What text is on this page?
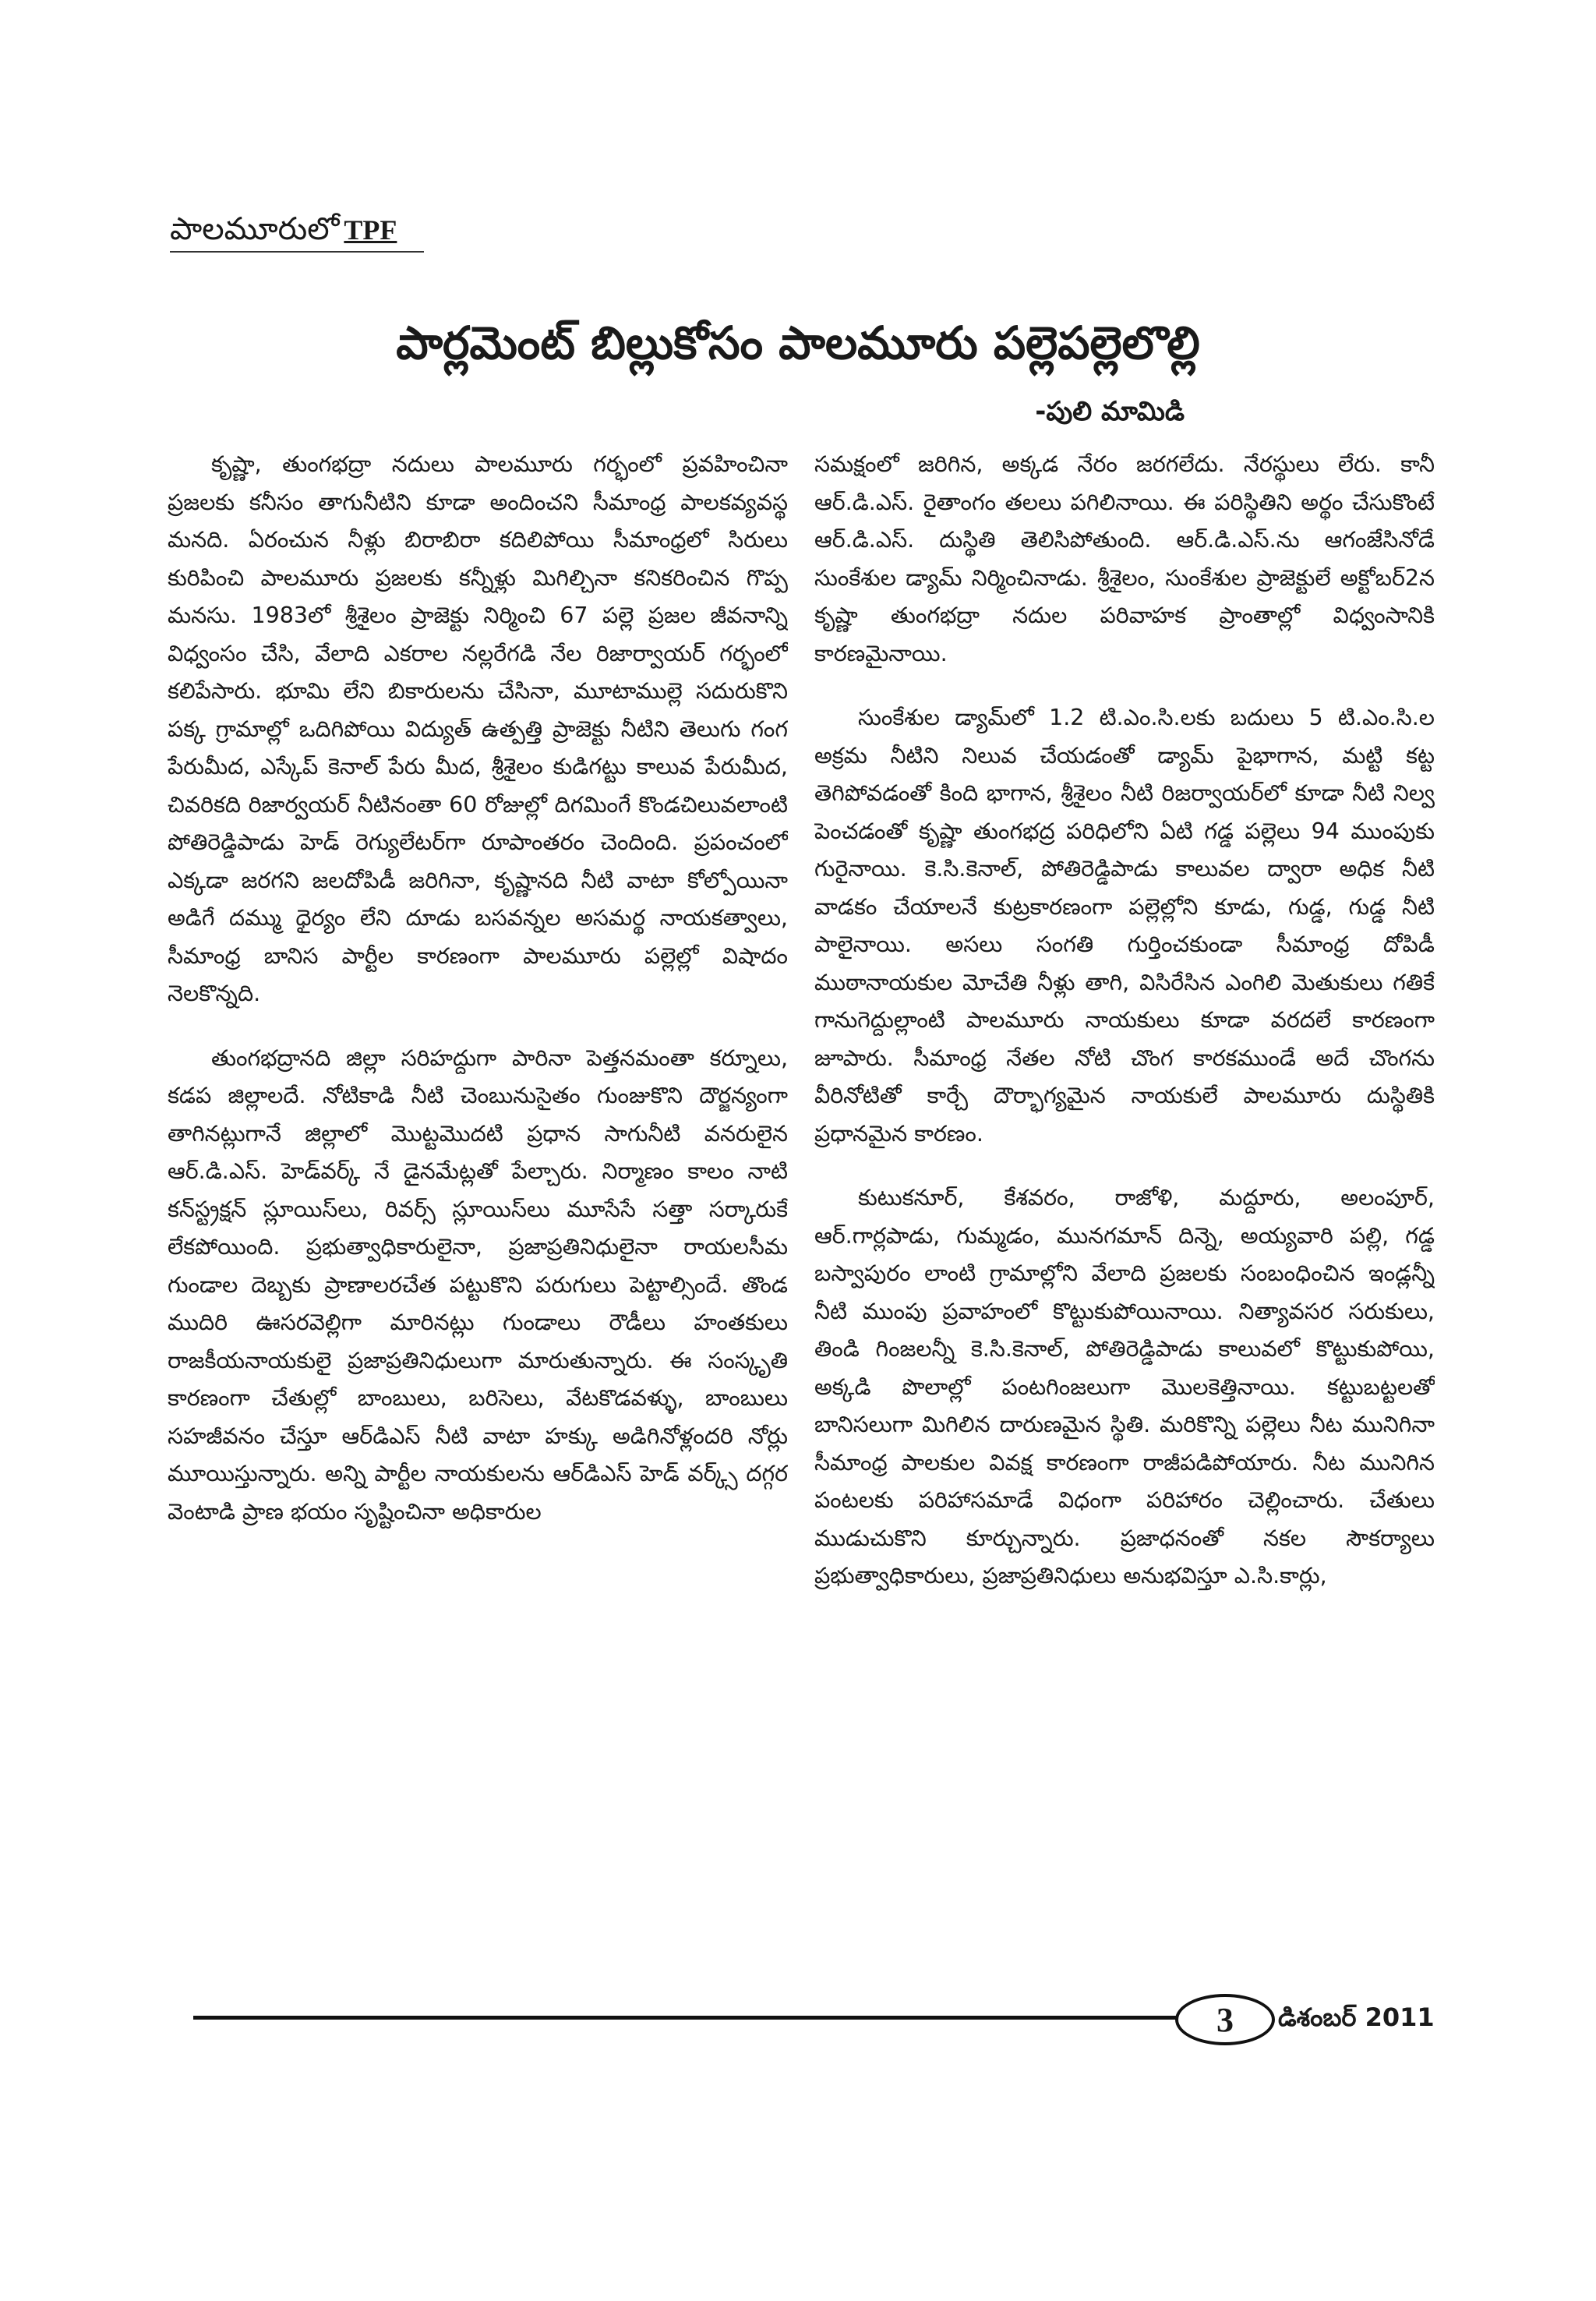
పాలమూరులో TPF
పార్లమెంట్ బిల్లుకోసం పాలమూరు పల్లెపల్లెలొల్లి
-పులి మామిడి

కృష్ణా, తుంగభద్రా నదులు పాలమూరు గర్భంలో ప్రవహించినా ప్రజలకు కనీసం తాగునీటిని కూడా అందించని సీమాంధ్ర పాలకవ్యవస్థ మనది. ఏరంచున నీళ్లు బిరాబిరా కదిలిపోయి సీమాంధ్రలో సిరులు కురిపించి పాలమూరు ప్రజలకు కన్నీళ్లు మిగిల్చినా కనికరించిన గొప్ప మనసు. 1983లో శ్రీశైలం ప్రాజెక్టు నిర్మించి 67 పల్లె ప్రజల జీవనాన్ని విధ్వంసం చేసి, వేలాది ఎకరాల నల్లరేగడి నేల రిజార్వాయర్ గర్భంలో కలిపేసారు. భూమి లేని బికారులను చేసినా, మూటాముల్లె సదురుకొని పక్క గ్రామాల్లో ఒదిగిపోయి విద్యుత్ ఉత్పత్తి ప్రాజెక్టు నీటిని తెలుగు గంగ పేరుమీద, ఎస్కేప్ కెనాల్ పేరు మీద, శ్రీశైలం కుడిగట్టు కాలువ పేరుమీద, చివరికది రిజార్వయర్ నీటినంతా 60 రోజుల్లో దిగమింగే కొండచిలువలాంటి పోతిరెడ్డిపాడు హెడ్ రెగ్యులేటర్‌గా రూపాంతరం చెందింది. ప్రపంచంలో ఎక్కడా జరగని జలదోపిడీ జరిగినా, కృష్ణానది నీటి వాటా కోల్పోయినా అడిగే దమ్ము ధైర్యం లేని దూడు బసవన్నల అసమర్థ నాయకత్వాలు, సీమాంధ్ర బానిస పార్టీల కారణంగా పాలమూరు పల్లెల్లో విషాదం నెలకొన్నది.

తుంగభద్రానది జిల్లా సరిహద్దుగా పారినా పెత్తనమంతా కర్నూలు, కడప జిల్లాలదే. నోటికాడి నీటి చెంబునుసైతం గుంజుకొని దౌర్జన్యంగా తాగినట్లుగానే జిల్లాలో మొట్టమొదటి ప్రధాన సాగునీటి వనరులైన ఆర్.డి.ఎస్. హెడ్‌వర్క్ ‌నే డైనమేట్లతో పేల్చారు. నిర్మాణం కాలం నాటి కన్‌స్ట్రక్షన్ స్లూయిస్‌లు, రివర్స్ స్లూయిస్‌లు మూసేసే సత్తా సర్కారుకే లేకపోయింది. ప్రభుత్వాధికారులైనా, ప్రజాప్రతినిధులైనా రాయలసీమ గుండాల దెబ్బకు ప్రాణాలరచేత పట్టుకొని పరుగులు పెట్టాల్సిందే. తొండ ముదిరి ఊసరవెల్లిగా మారినట్లు గుండాలు రౌడీలు హంతకులు రాజకీయనాయకులై ప్రజాప్రతినిధులుగా మారుతున్నారు. ఈ సంస్కృతి కారణంగా చేతుల్లో బాంబులు, బరిసెలు, వేటకొడవళ్ళు, బాంబులు సహజీవనం చేస్తూ ఆర్‌డిఎస్ నీటి వాటా హక్కు అడిగినోళ్లందరి నోర్లు మూయిస్తున్నారు. అన్ని పార్టీల నాయకులను ఆర్‌డిఎస్ హెడ్ వర్క్స్ దగ్గర వెంటాడి ప్రాణ భయం సృష్టించినా అధికారుల

సమక్షంలో జరిగిన, అక్కడ నేరం జరగలేదు. నేరస్థులు లేరు. కానీ ఆర్.డి.ఎస్. రైతాంగం తలలు పగిలినాయి. ఈ పరిస్థితిని అర్థం చేసుకొంటే ఆర్.డి.ఎస్. దుస్థితి తెలిసిపోతుంది. ఆర్.డి.ఎస్.ను ఆగంజేసినోడే సుంకేశుల డ్యామ్ నిర్మించినాడు. శ్రీశైలం, సుంకేశుల ప్రాజెక్టులే అక్టోబర్2న కృష్ణా తుంగభద్రా నదుల పరివాహక ప్రాంతాల్లో విధ్వంసానికి కారణమైనాయి.

సుంకేశుల డ్యామ్‌లో 1.2 టి.ఎం.సి.లకు బదులు 5 టి.ఎం.సి.ల అక్రమ నీటిని నిలువ చేయడంతో డ్యామ్ పైభాగాన, మట్టి కట్ట తెగిపోవడంతో కింది భాగాన, శ్రీశైలం నీటి రిజర్వాయర్‌లో కూడా నీటి నిల్వ పెంచడంతో కృష్ణా తుంగభద్ర పరిధిలోని ఏటి గడ్డ పల్లెలు 94 ముంపుకు గురైనాయి. కె.సి.కెనాల్, పోతిరెడ్డిపాడు కాలువల ద్వారా అధిక నీటి వాడకం చేయాలనే కుట్రకారణంగా పల్లెల్లోని కూడు, గుడ్డ, గుడ్డ నీటి పాలైనాయి. అసలు సంగతి గుర్తించకుండా సీమాంధ్ర దోపిడీ ముఠానాయకుల మోచేతి నీళ్లు తాగి, విసిరేసిన ఎంగిలి మెతుకులు గతికే గానుగెద్దుల్లాంటి పాలమూరు నాయకులు కూడా వరదలే కారణంగా జూపారు. సీమాంధ్ర నేతల నోటి చొంగ కారకముండే అదే చొంగను వీరినోటితో కార్చే దౌర్భాగ్యమైన నాయకులే పాలమూరు దుస్థితికి ప్రధానమైన కారణం.

కుటుకనూర్, కేశవరం, రాజోళి, మద్దూరు, అలంపూర్, ఆర్.గార్లపాడు, గుమ్మడం, మునగమాన్ దిన్నె, అయ్యవారి పల్లి, గడ్డ బస్వాపురం లాంటి గ్రామాల్లోని వేలాది ప్రజలకు సంబంధించిన ఇండ్లన్నీ నీటి ముంపు ప్రవాహంలో కొట్టుకుపోయినాయి. నిత్యావసర సరుకులు, తిండి గింజలన్నీ కె.సి.కెనాల్, పోతిరెడ్డిపాడు కాలువలో కొట్టుకుపోయి, అక్కడి పొలాల్లో పంటగింజలుగా మొలకెత్తినాయి. కట్టుబట్టలతో బానిసలుగా మిగిలిన దారుణమైన స్థితి. మరికొన్ని పల్లెలు నీట మునిగినా సీమాంధ్ర పాలకుల వివక్ష కారణంగా రాజీపడిపోయారు. నీట మునిగిన పంటలకు పరిహాసమాడే విధంగా పరిహారం చెల్లించారు. చేతులు ముడుచుకొని కూర్చున్నారు. ప్రజాధనంతో నకల సౌకర్యాలు ప్రభుత్వాధికారులు, ప్రజాప్రతినిధులు అనుభవిస్తూ ఎ.సి.కార్లు,

3 డిశంబర్ 2011
